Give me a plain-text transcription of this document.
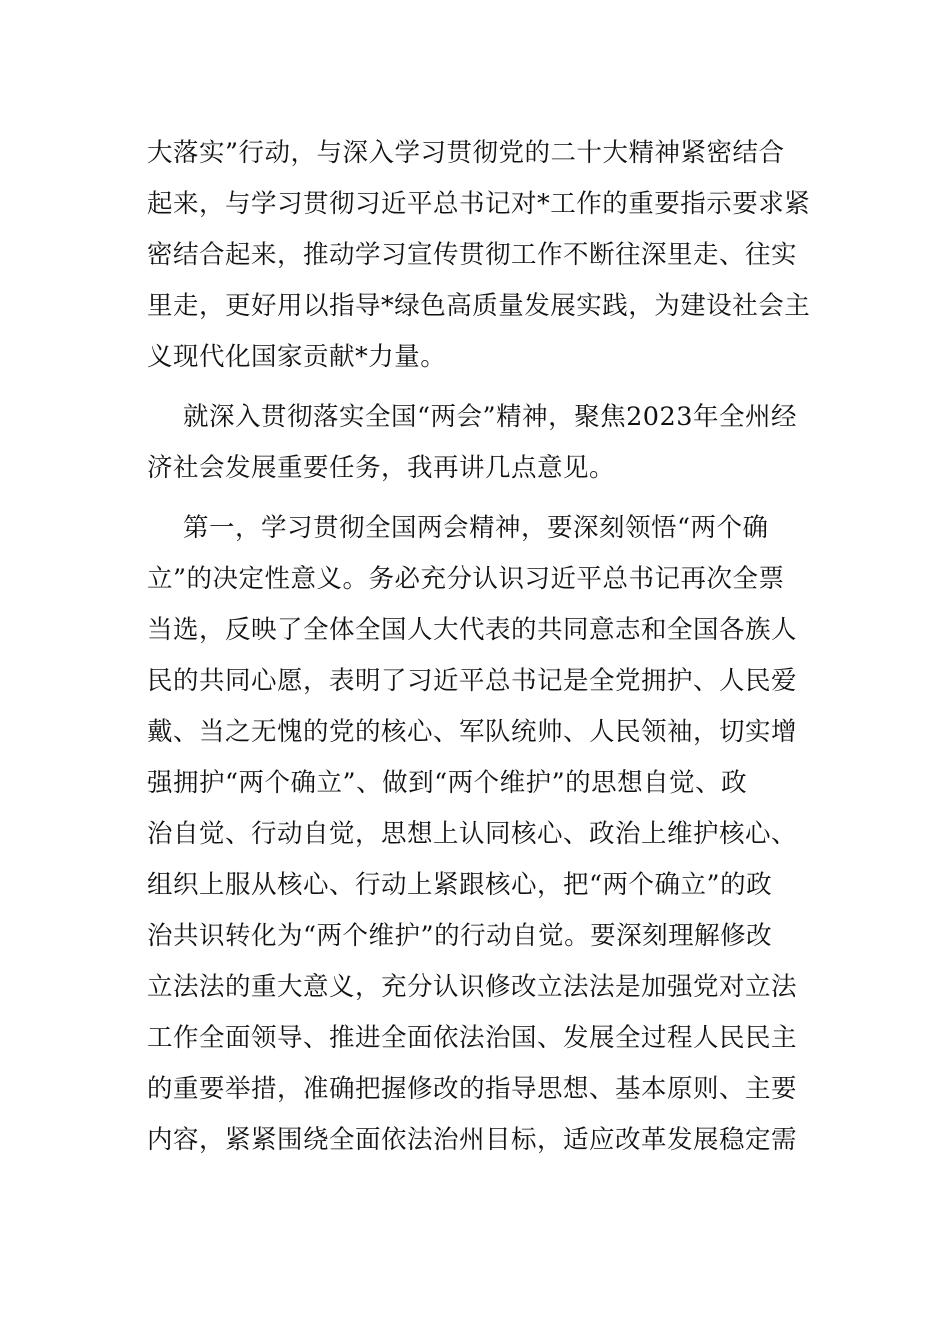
大落实”行动，与深入学习贯彻党的二十大精神紧密结合
起来，与学习贯彻习近平总书记对*工作的重要指示要求紧
密结合起来，推动学习宣传贯彻工作不断往深里走、往实
里走，更好用以指导*绿色高质量发展实践，为建设社会主
义现代化国家贡献*力量。
就深入贯彻落实全国“两会”精神，聚焦2023年全州经
济社会发展重要任务，我再讲几点意见。
第一，学习贯彻全国两会精神，要深刻领悟“两个确
立”的决定性意义。务必充分认识习近平总书记再次全票
当选，反映了全体全国人大代表的共同意志和全国各族人
民的共同心愿，表明了习近平总书记是全党拥护、人民爱
戴、当之无愧的党的核心、军队统帅、人民领袖，切实增
强拥护“两个确立”、做到“两个维护”的思想自觉、政
治自觉、行动自觉，思想上认同核心、政治上维护核心、
组织上服从核心、行动上紧跟核心，把“两个确立”的政
治共识转化为“两个维护”的行动自觉。要深刻理解修改
立法法的重大意义，充分认识修改立法法是加强党对立法
工作全面领导、推进全面依法治国、发展全过程人民民主
的重要举措，准确把握修改的指导思想、基本原则、主要
内容，紧紧围绕全面依法治州目标，适应改革发展稳定需
